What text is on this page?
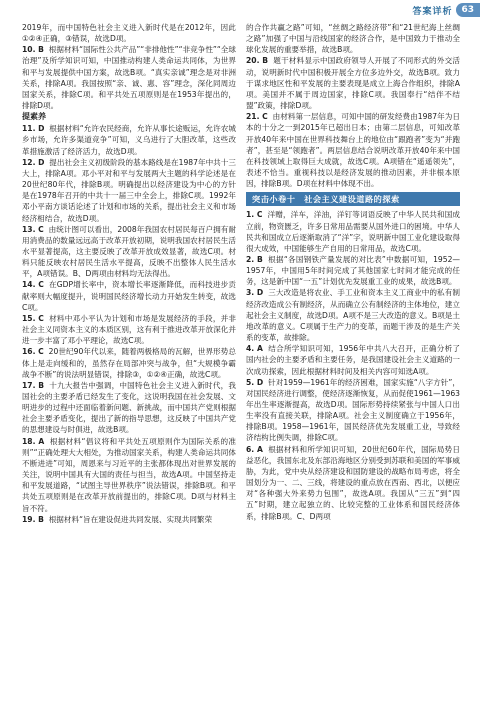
答案详析	63

2019年，而中国特色社会主义进入新时代是在2012年，因此①②④正确，③错误，故选D项。

10. B 根据材料“国际性公共产品”“非排他性”“非竞争性”“全球治理”及所学知识可知，中国推动构建人类命运共同体，为世界和平与发展提供中国方案，故选B项。“真实亲诚”理念是对非洲关系，排除A项。我国按照“亲、诚、惠、容”理念，深化同周边国家关系，排除C项。和平共处五项原则是在1953年提出的，排除D项。

提素养

11. D 根据材料“允许农民经商，允许从事长途贩运，允许农城乡市场，允许多渠道竞争”可知，义乌进行了大胆改革，这些改革措施激活了经济活力，故选D项。

12. D 提出社会主义初级阶段的基本路线是在1987年中共十三大上，排除A项。邓小平对和平与发展两大主题的科学论述是在20世纪80年代，排除B项。明确提出以经济建设为中心的方针是在1978年召开的中共十一届三中全会上，排除C项。1992年邓小平南方谈话论述了计划和市场的关系，提出社会主义和市场经济相结合，故选D项。

13. C 由统计图可以看出，2008年我国农村居民每百户拥有耐用消费品的数量远远高于改革开放初期，说明我国农村居民生活水平显著提高，这主要反映了改革开放成效显著，故选C项。材料只能反映农村居民生活水平提高，反映不出整体人民生活水平，A项错误。B、D两项由材料均无法得出。

14. C 在GDP增长率中，资本增长率逐渐降低，而科技进步贡献率则大幅度提升，说明国民经济增长动力开始发生转变，故选C项。

15. C 材料中邓小平认为计划和市场是发展经济的手段，并非社会主义同资本主义的本质区别，这有利于推进改革开放深化并进一步丰富了邓小平理论，故选C项。

16. C 20世纪90年代以来，随着两极格局的瓦解，世界形势总体上是走向缓和的，虽然存在局部冲突与战争，但“大规模争霸战争不断”的说法明显错误，排除③，①②④正确，故选C项。

17. B 十九大报告中强调，中国特色社会主义进入新时代，我国社会的主要矛盾已经发生了变化，这说明我国在社会发展、文明进步的过程中还面临着新问题、新挑战，而中国共产党则根据社会主要矛盾变化，提出了新的指导思想，这反映了中国共产党的思想建设与时俱进，故选B项。

18. A 根据材料“倡议将和平共处五项原则作为国际关系的准则”“正确处理大大相处，为推动国家关系，构建人类命运共同体不断进进”可知，周恩来与习近平的主张都体现出对世界发展的关注，说明中国具有大国的责任与担当，故选A项。中国坚持走和平发展道路，“试图主导世界秩序”说法错误，排除B项。和平共处五项原则是在改革开放前提出的，排除C项。D项与材料主旨不符。

19. B 根据材料“旨在建设促进共同发展、实现共同繁荣

的合作共赢之路”可知，“丝绸之路经济带”和“21世纪海上丝绸之路”加强了中国与沿线国家的经济合作，是中国致力于推动全球化发展的重要举措，故选B项。

20. B 题干材料显示中国政府领导人开展了不同形式的外交活动，说明新时代中国积极开展全方位多边外交，故选B项。致力于谋求地区性和平发展的主要表现是成立上海合作组织，排除A项。美国并不属于周边国家，排除C项。我国奉行“结伴不结盟”政策，排除D项。

21. C 由材料第一层信息，可知中国的研发经费由1987年为日本的十分之一到2015年已超出日本；由第二层信息，可知改革开放40年来中国在世界科技舞台上的地位由“跟跑者”变为“并跑者”，甚至是“领跑者”。两层信息结合说明改革开放40年来中国在科技领域上取得巨大成就，故选C项。A项错在“遥遥领先”，表述不恰当。重视科技以是经济发展的推动因素，并非根本原因，排除B项。D项在材料中体现不出。

突击小卷十　社会主义建设道路的探索

1. C 洋赠，洋车，洋油，洋钉等词语反映了中华人民共和国成立前，物资匮乏，许多日常用品需要从国外进口的困境。中华人民共和国成立后逐渐取消了“洋”字，说明新中国工业化建设取得很大成效，中国能够生产自用的日常用品，故选C项。

2. B 根据“各国钢铁产量发展的对比表”中数据可知，1952—1957年，中国用5年时间完成了其他国家七时间才能完成的任务，这是新中国“一五”计划优先发展重工业的成果，故选B项。

3. D 三大改造是将农业、手工业和资本主义工商业中的私有制经济改造成公有制经济，从而确立公有制经济的主体地位，建立起社会主义制度，故选D项。A项不是三大改造的意义。B项是土地改革的意义。C项属于生产力的变革，而题干涉及的是生产关系的变革，故排除。

4. A 结合所学知识可知，1956年中共八大召开，正确分析了国内社会的主要矛盾和主要任务，是我国建设社会主义道路的一次成功探索，因此根据材料时间及相关内容可知选A项。

5. D 针对1959—1961年的经济困难，国家实施“八字方针”，对国民经济进行调整，使经济逐渐恢复，从而促使1961—1963年出生率逐渐提高，故选D项。国际形势持续紧张与中国人口出生率没有直接关联，排除A项。社会主义制度确立于1956年，排除B项。1958—1961年，国民经济优先发展重工业，导致经济结构比例失调，排除C项。

6. A 根据材料和所学知识可知，20世纪60年代，国际局势日益恶化，我国东北及东部沿海地区分别受到苏联和美国的军事威胁，为此，党中央从经济建设和国防建设的战略布局考虑，将全国划分为一、二、三线，将建设的重点放在西南、西北，以便应对“各种强大外来势力包围”，故选A项。我国从“三五”到“四五”时期，建立起独立的、比较完整的工业体系和国民经济体系，排除B项。C、D两项
